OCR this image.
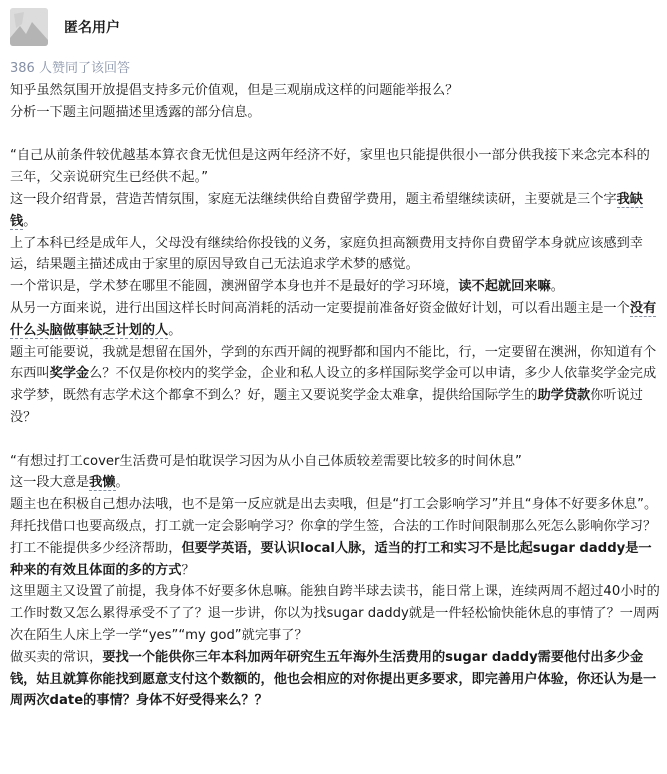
匿名用户
386 人赞同了该回答

知乎虽然氛围开放提倡支持多元价值观，但是三观崩成这样的问题能举报么？

分析一下题主问题描述里透露的部分信息。

“自己从前条件较优越基本算衣食无忧但是这两年经济不好，家里也只能提供很小一部分供我接下来念完本科的三年，父亲说研究生已经供不起。”

这一段介绍背景，营造苦情氛围，家庭无法继续供给自费留学费用，题主希望继续读研，主要就是三个字我缺钱。

上了本科已经是成年人，父母没有继续给你投钱的义务，家庭负担高额费用支持你自费留学本身就应该感到幸运，结果题主描述成由于家里的原因导致自己无法追求学术梦的感觉。

一个常识是，学术梦在哪里不能圆，澳洲留学本身也并不是最好的学习环境，读不起就回来嘛。

从另一方面来说，进行出国这样长时间高消耗的活动一定要提前准备好资金做好计划，可以看出题主是一个没有什么头脑做事缺乏计划的人。

题主可能要说，我就是想留在国外，学到的东西开阔的视野都和国内不能比，行，一定要留在澳洲，你知道有个东西叫奖学金么？不仅是你校内的奖学金，企业和私人设立的多样国际奖学金可以申请，多少人依靠奖学金完成求学梦，既然有志学术这个都拿不到么？好，题主又要说奖学金太难拿，提供给国际学生的助学贷款你听说过没？

“有想过打工cover生活费可是怕耽误学习因为从小自己体质较差需要比较多的时间休息”

这一段大意是我懒。

题主也在积极自己想办法哦，也不是第一反应就是出去卖哦，但是“打工会影响学习”并且“身体不好要多休息”。拜托找借口也要高级点，打工就一定会影响学习？你拿的学生签，合法的工作时间限制那么死怎么影响你学习？打工不能提供多少经济帮助，但要学英语，要认识local人脉，适当的打工和实习不是比起sugar daddy是一种来的有效且体面的多的方式？

这里题主又设置了前提，我身体不好要多休息嘛。能独自跨半球去读书，能日常上课，连续两周不超过40小时的工作时数又怎么累得承受不了了？退一步讲，你以为找sugar daddy就是一件轻松愉快能休息的事情了？一周两次在陌生人床上学一学“yes”“my god”就完事了？

做买卖的常识，要找一个能供你三年本科加两年研究生五年海外生活费用的sugar daddy需要他付出多少金钱，姑且就算你能找到愿意支付这个数额的，他也会相应的对你提出更多要求，即完善用户体验，你还认为是一周两次date的事情？身体不好受得来么？？
